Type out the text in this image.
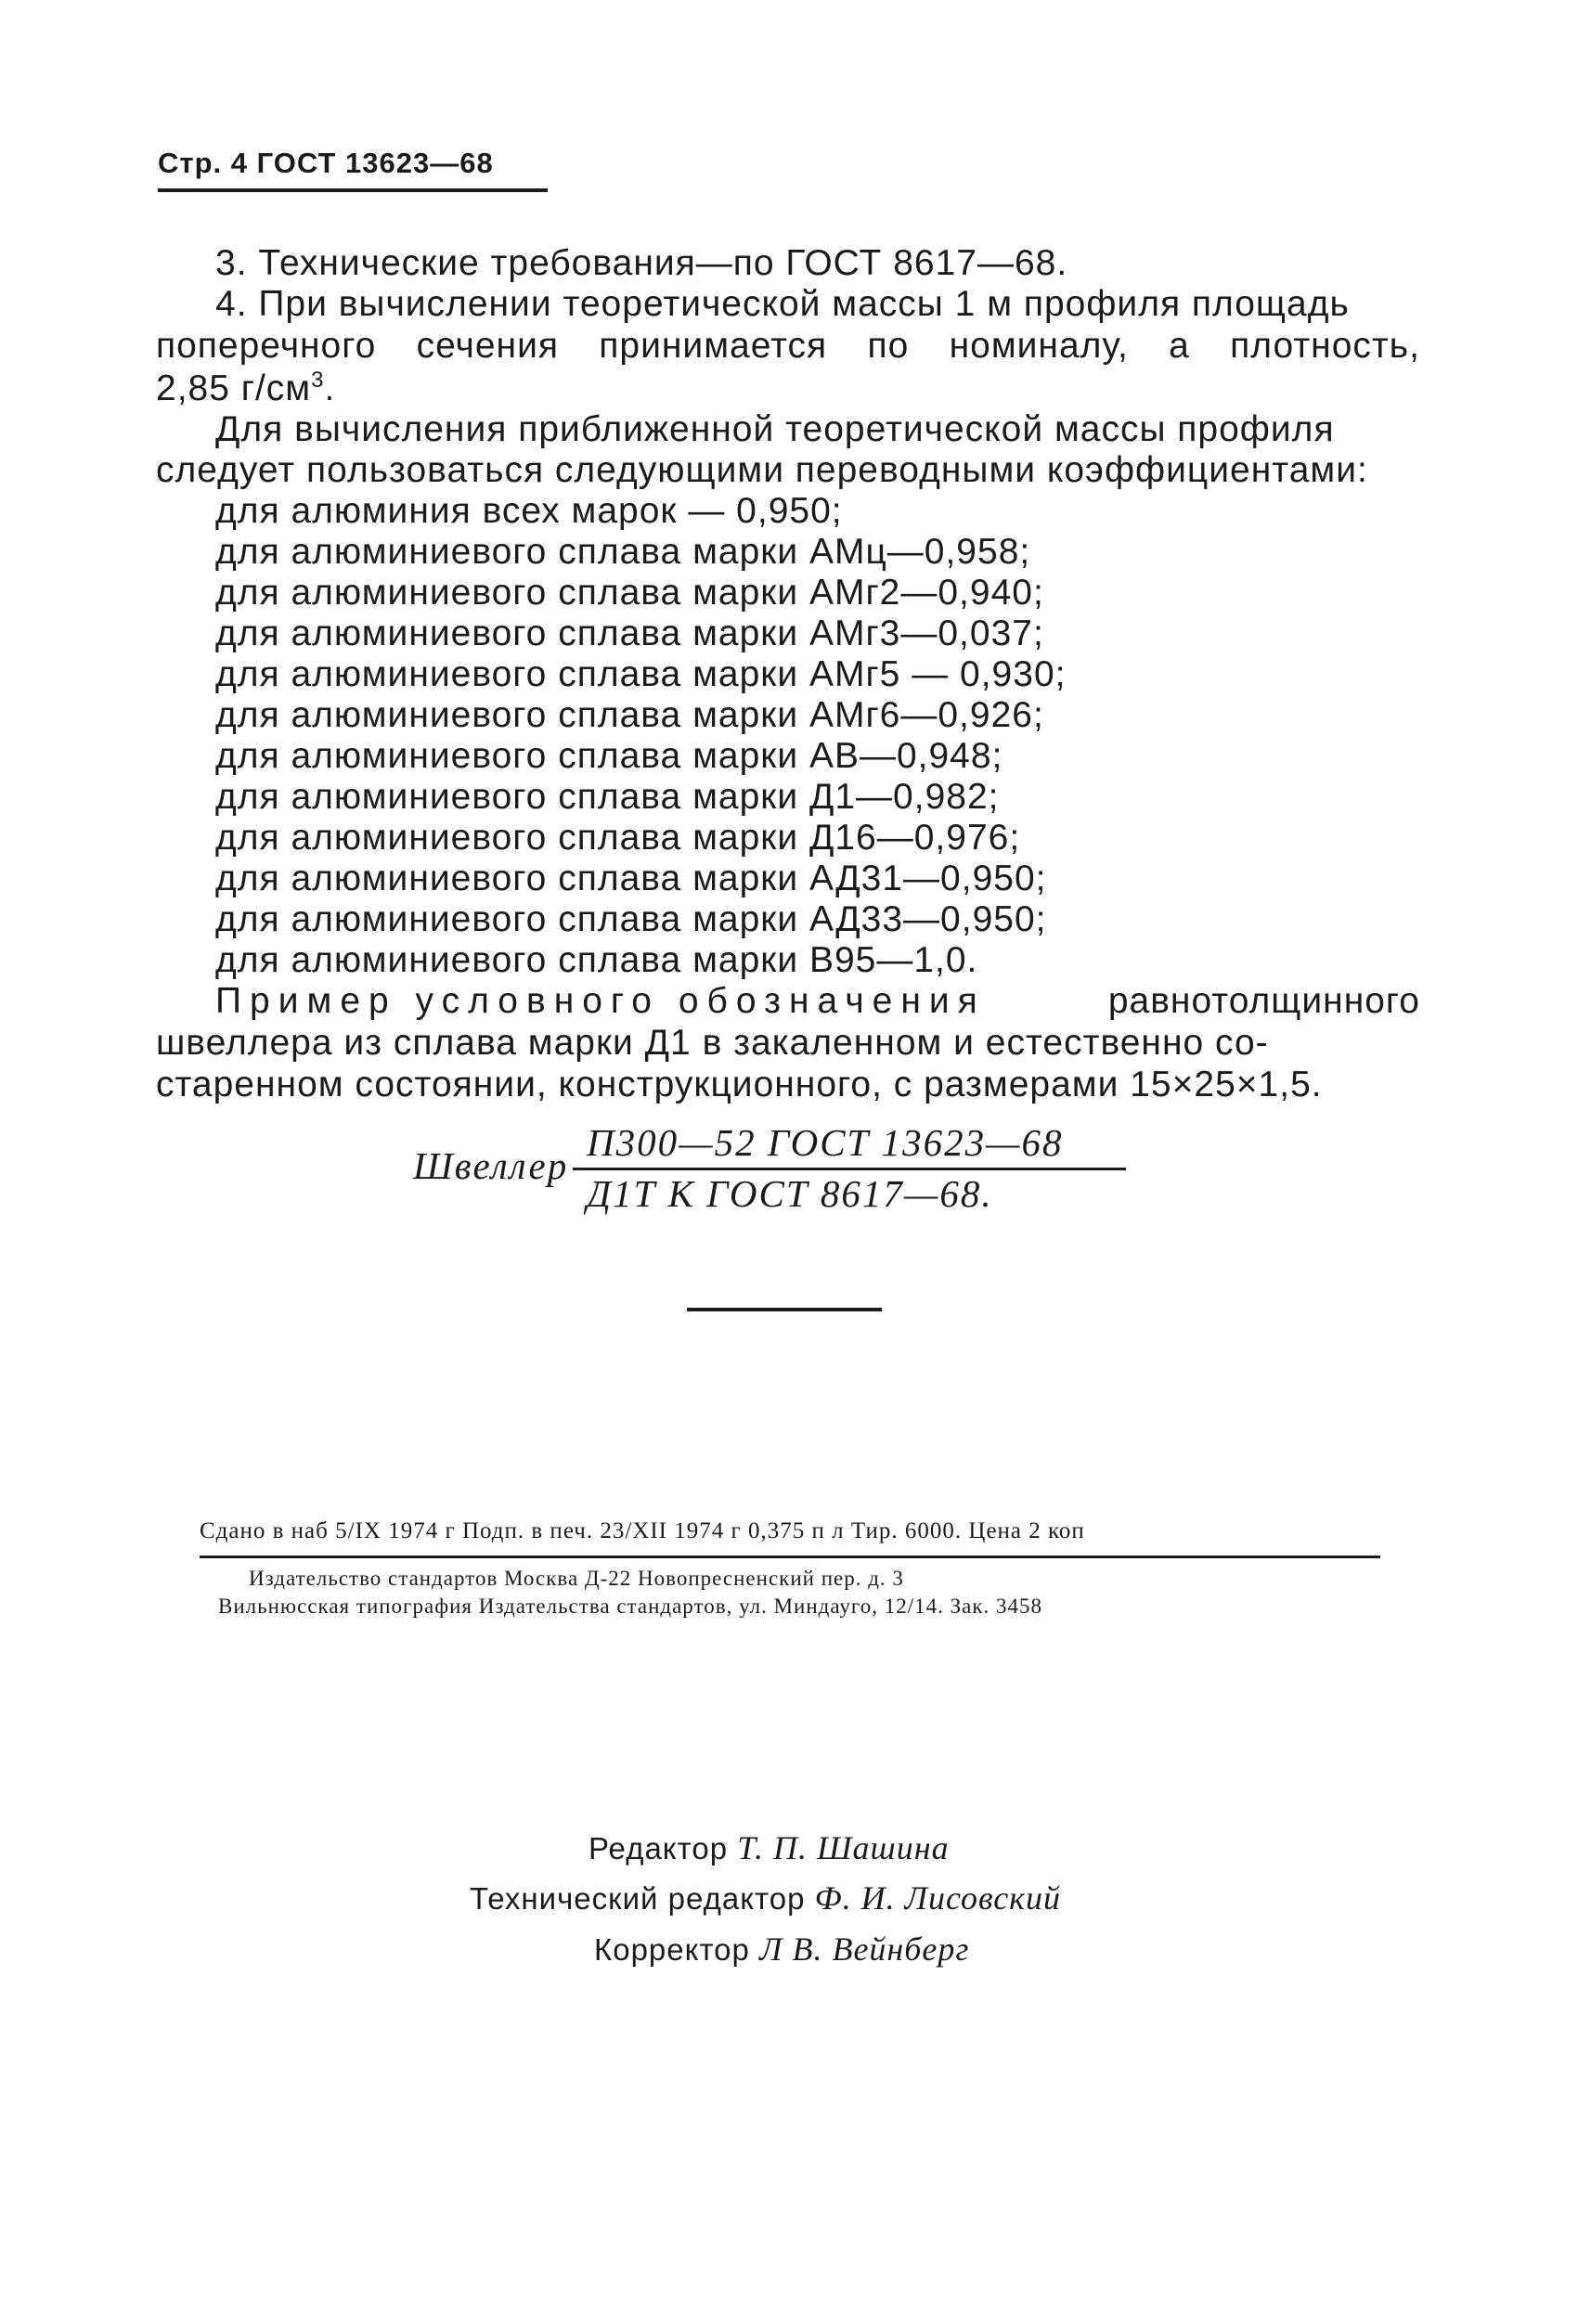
Стр. 4 ГОСТ 13623—68
3. Технические требования—по ГОСТ 8617—68.
4. При вычислении теоретической массы 1 м профиля площадь
поперечного сечения принимается по номиналу, а плотность,
2,85 $г/см^3$.
Для вычисления приближенной теоретической массы профиля
следует пользоваться следующими переводными коэффициентами:
для алюминия всех марок — 0,950;
для алюминиевого сплава марки АМц—0,958;
для алюминиевого сплава марки АМг2—0,940;
для алюминиевого сплава марки АМг3—0,037;
для алюминиевого сплава марки АМг5 — 0,930;
для алюминиевого сплава марки АМг6—0,926;
для алюминиевого сплава марки АВ—0,948;
для алюминиевого сплава марки Д1—0,982;
для алюминиевого сплава марки Д16—0,976;
для алюминиевого сплава марки АД31—0,950;
для алюминиевого сплава марки АД33—0,950;
для алюминиевого сплава марки В95—1,0.
Пример условного обозначения	равнотолщинного
швеллера из сплава марки Д1 в закаленном и естественно со-
старенном состоянии, конструкционного, с размерами 15×25×1,5.
Швеллер
П300—52 ГОСТ 13623—68
Д1Т К ГОСТ 8617—68.
Редактор Т. П. Шашина
Технический редактор Ф. И. Лисовский
Корректор Л В. Вейнберг
Сдано в наб 5/IX 1974 г Подп. в печ. 23/XII 1974 г 0,375 п л Тир. 6000. Цена 2 коп
Издательство стандартов Москва Д-22 Новопресненский пер. д. 3
Вильнюсская типография Издательства стандартов, ул. Миндауго, 12/14. Зак. 3458
